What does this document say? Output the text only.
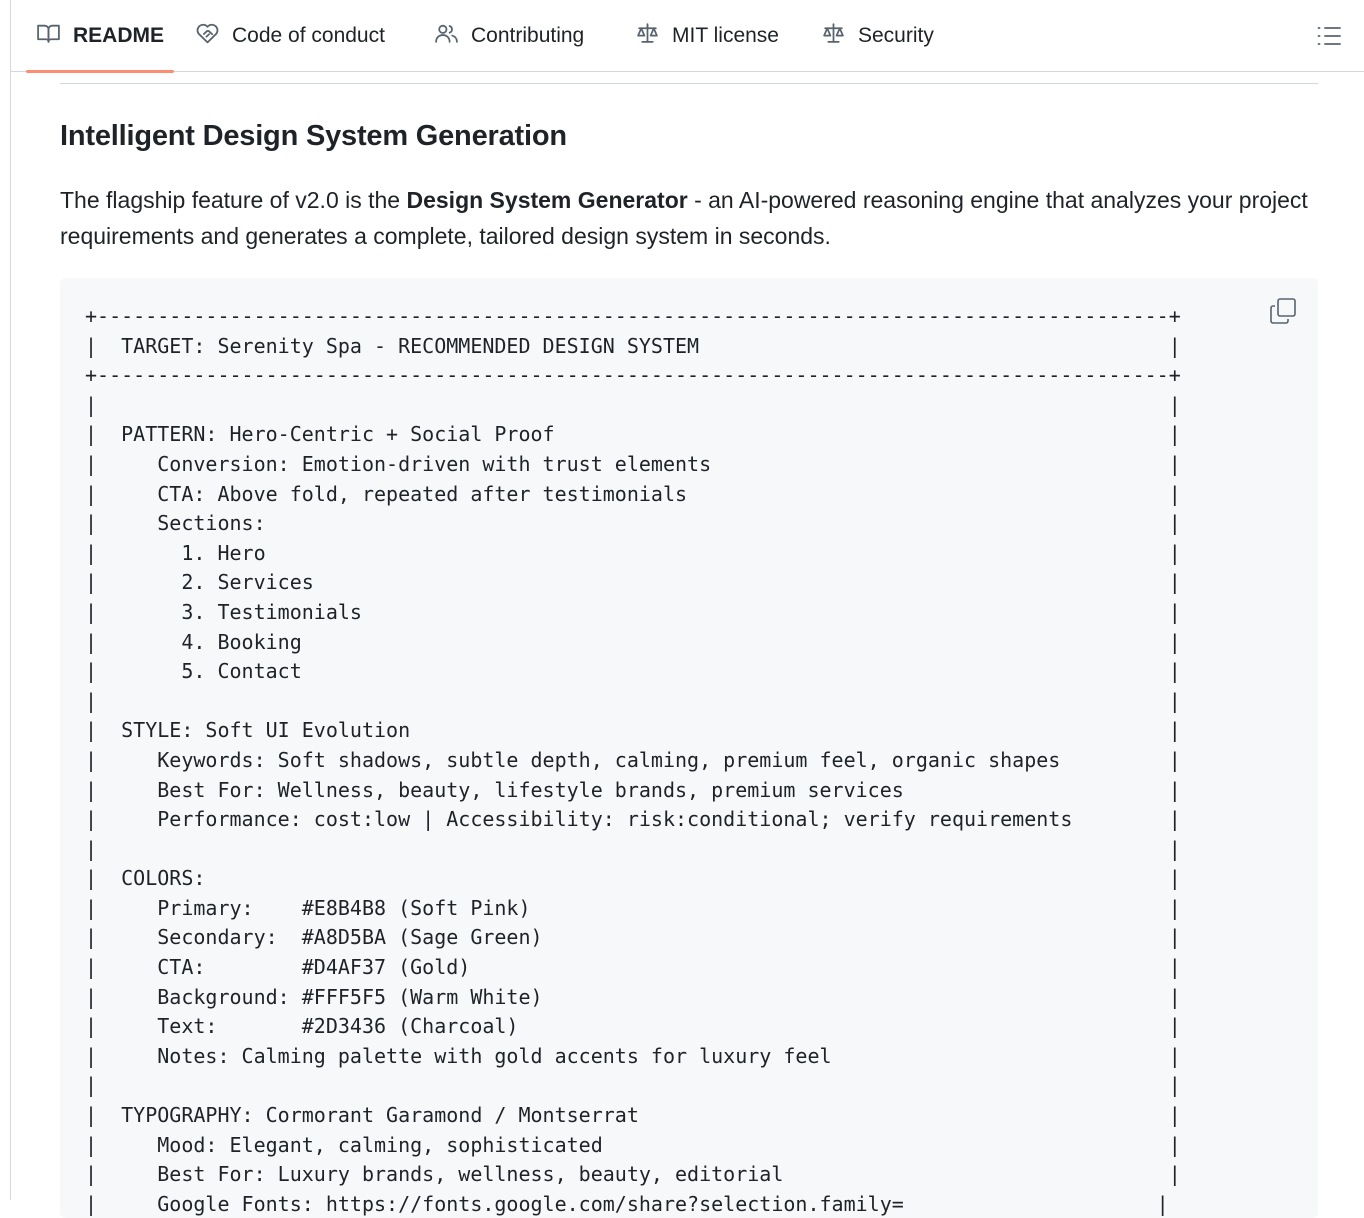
README	Code of conduct	Contributing	MIT license	Security
Intelligent Design System Generation

The flagship feature of v2.0 is the Design System Generator - an AI-powered reasoning engine that analyzes your project requirements and generates a complete, tailored design system in seconds.

+-----------------------------------------------------------------------------------------+
|  TARGET: Serenity Spa - RECOMMENDED DESIGN SYSTEM                                       |
+-----------------------------------------------------------------------------------------+
|                                                                                         |
|  PATTERN: Hero-Centric + Social Proof                                                   |
|     Conversion: Emotion-driven with trust elements                                      |
|     CTA: Above fold, repeated after testimonials                                        |
|     Sections:                                                                           |
|       1. Hero                                                                           |
|       2. Services                                                                       |
|       3. Testimonials                                                                   |
|       4. Booking                                                                        |
|       5. Contact                                                                        |
|                                                                                         |
|  STYLE: Soft UI Evolution                                                               |
|     Keywords: Soft shadows, subtle depth, calming, premium feel, organic shapes         |
|     Best For: Wellness, beauty, lifestyle brands, premium services                      |
|     Performance: cost:low | Accessibility: risk:conditional; verify requirements        |
|                                                                                         |
|  COLORS:                                                                                |
|     Primary:    #E8B4B8 (Soft Pink)                                                     |
|     Secondary:  #A8D5BA (Sage Green)                                                    |
|     CTA:        #D4AF37 (Gold)                                                          |
|     Background: #FFF5F5 (Warm White)                                                    |
|     Text:       #2D3436 (Charcoal)                                                      |
|     Notes: Calming palette with gold accents for luxury feel                            |
|                                                                                         |
|  TYPOGRAPHY: Cormorant Garamond / Montserrat                                            |
|     Mood: Elegant, calming, sophisticated                                               |
|     Best For: Luxury brands, wellness, beauty, editorial                                |
|     Google Fonts: https://fonts.google.com/share?selection.family=                     |
